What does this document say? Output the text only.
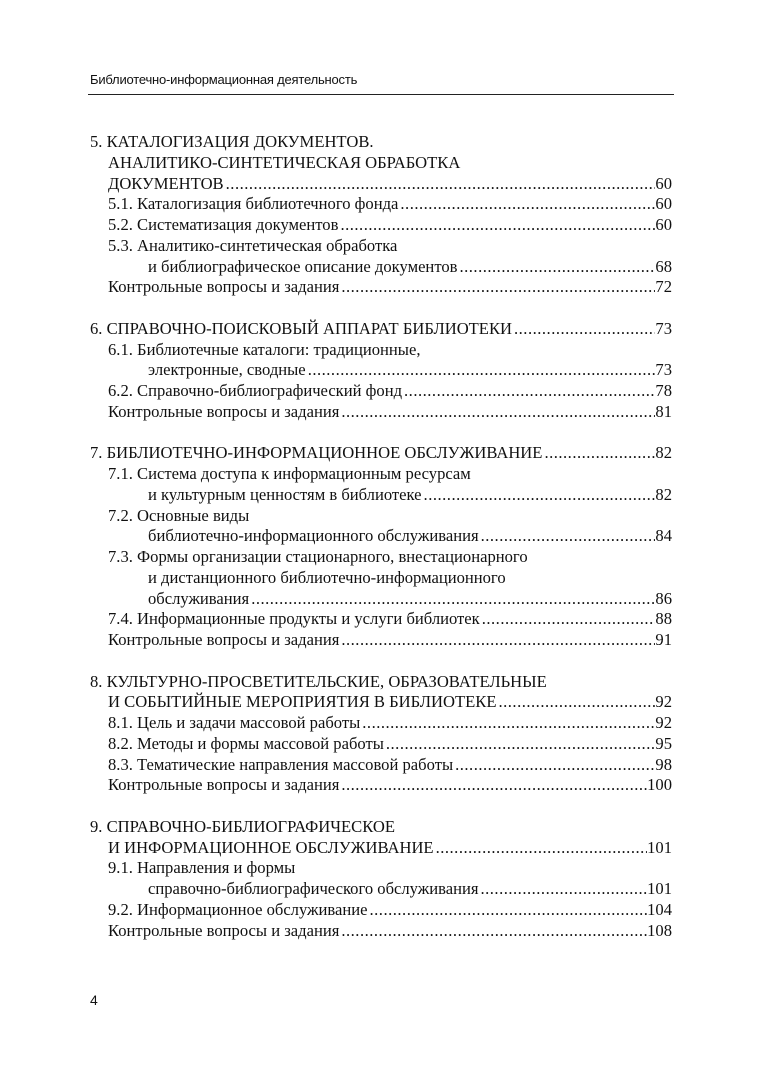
Библиотечно-информационная деятельность
5. КАТАЛОГИЗАЦИЯ ДОКУМЕНТОВ.
АНАЛИТИКО-СИНТЕТИЧЕСКАЯ ОБРАБОТКА
ДОКУМЕНТОВ .....	60
5.1. Каталогизация библиотечного фонда .....	60
5.2. Систематизация документов .....	60
5.3. Аналитико-синтетическая обработка
и библиографическое описание документов .....	68
Контрольные вопросы и задания .....	72
6. СПРАВОЧНО-ПОИСКОВЫЙ АППАРАТ БИБЛИОТЕКИ .....	73
6.1. Библиотечные каталоги: традиционные,
электронные, сводные .....	73
6.2. Справочно-библиографический фонд .....	78
Контрольные вопросы и задания .....	81
7. БИБЛИОТЕЧНО-ИНФОРМАЦИОННОЕ ОБСЛУЖИВАНИЕ .....	82
7.1. Система доступа к информационным ресурсам
и культурным ценностям в библиотеке .....	82
7.2. Основные виды
библиотечно-информационного обслуживания .....	84
7.3. Формы организации стационарного, внестационарного
и дистанционного библиотечно-информационного
обслуживания .....	86
7.4. Информационные продукты и услуги библиотек .....	88
Контрольные вопросы и задания .....	91
8. КУЛЬТУРНО-ПРОСВЕТИТЕЛЬСКИЕ, ОБРАЗОВАТЕЛЬНЫЕ
И СОБЫТИЙНЫЕ МЕРОПРИЯТИЯ В БИБЛИОТЕКЕ .....	92
8.1. Цель и задачи массовой работы .....	92
8.2. Методы и формы массовой работы .....	95
8.3. Тематические направления массовой работы .....	98
Контрольные вопросы и задания .....	100
9. СПРАВОЧНО-БИБЛИОГРАФИЧЕСКОЕ
И ИНФОРМАЦИОННОЕ ОБСЛУЖИВАНИЕ .....	101
9.1. Направления и формы
справочно-библиографического обслуживания .....	101
9.2. Информационное обслуживание .....	104
Контрольные вопросы и задания .....	108
4
